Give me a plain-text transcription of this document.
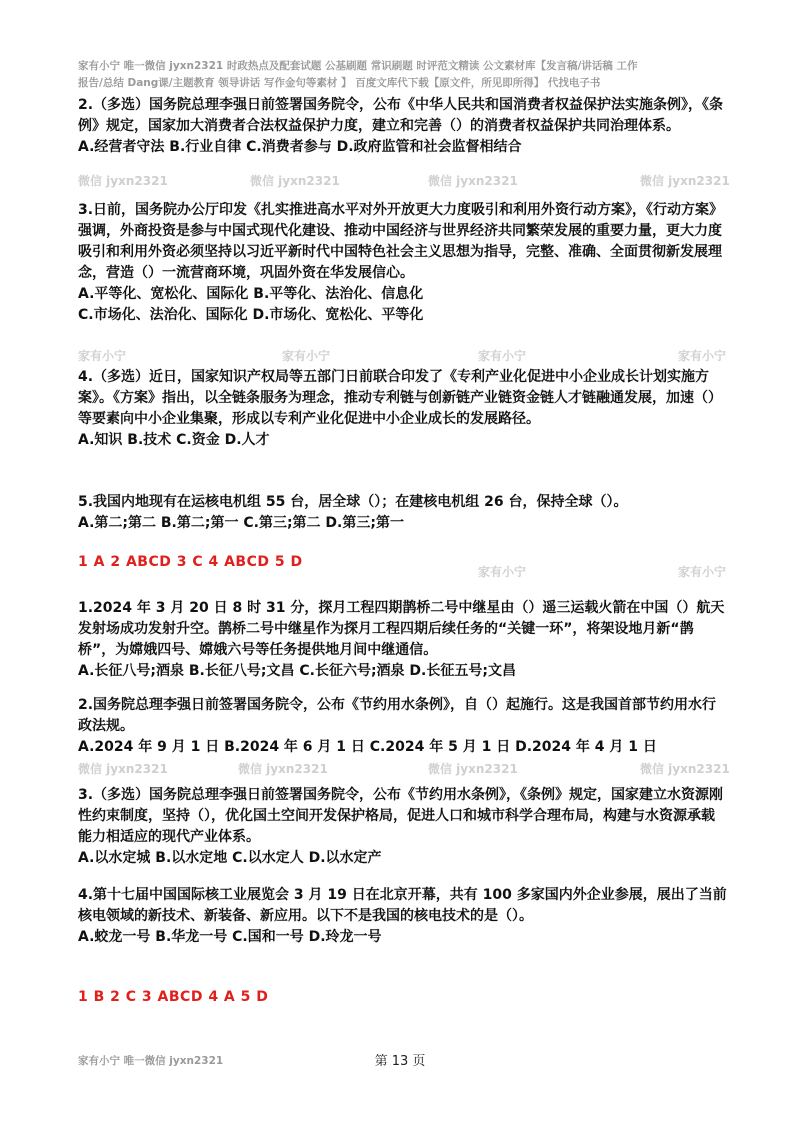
家有小宁 唯一微信 jyxn2321 时政热点及配套试题 公基刷题 常识刷题 时评范文精读 公文素材库【发言稿/讲话稿 工作
报告/总结 Dang课/主题教育 领导讲话 写作金句等素材 】 百度文库代下载【原文件，所见即所得】 代找电子书
微信 jyxn2321	微信 jyxn2321	微信 jyxn2321	微信 jyxn2321
家有小宁	家有小宁	家有小宁	家有小宁
家有小宁	家有小宁
微信 jyxn2321	微信 jyxn2321	微信 jyxn2321	微信 jyxn2321

2.（多选）国务院总理李强日前签署国务院令，公布《中华人民共和国消费者权益保护法实施条例》，《条例》规定，国家加大消费者合法权益保护力度，建立和完善（）的消费者权益保护共同治理体系。

A.经营者守法 B.行业自律 C.消费者参与 D.政府监管和社会监督相结合

3.日前，国务院办公厅印发《扎实推进高水平对外开放更大力度吸引和利用外资行动方案》，《行动方案》强调，外商投资是参与中国式现代化建设、推动中国经济与世界经济共同繁荣发展的重要力量，更大力度吸引和利用外资必须坚持以习近平新时代中国特色社会主义思想为指导，完整、准确、全面贯彻新发展理念，营造（）一流营商环境，巩固外资在华发展信心。

A.平等化、宽松化、国际化 B.平等化、法治化、信息化

C.市场化、法治化、国际化 D.市场化、宽松化、平等化

4.（多选）近日，国家知识产权局等五部门日前联合印发了《专利产业化促进中小企业成长计划实施方案》。《方案》指出，以全链条服务为理念，推动专利链与创新链产业链资金链人才链融通发展，加速（）等要素向中小企业集聚，形成以专利产业化促进中小企业成长的发展路径。

A.知识 B.技术 C.资金 D.人才

5.我国内地现有在运核电机组 55 台，居全球（）；在建核电机组 26 台，保持全球（）。

A.第二;第二 B.第二;第一 C.第三;第二 D.第三;第一

1 A 2 ABCD 3 C 4 ABCD 5 D

1.2024 年 3 月 20 日 8 时 31 分，探月工程四期鹊桥二号中继星由（）遥三运载火箭在中国（）航天发射场成功发射升空。鹊桥二号中继星作为探月工程四期后续任务的“关键一环”，将架设地月新“鹊桥”，为嫦娥四号、嫦娥六号等任务提供地月间中继通信。

A.长征八号;酒泉 B.长征八号;文昌 C.长征六号;酒泉 D.长征五号;文昌

2.国务院总理李强日前签署国务院令，公布《节约用水条例》，自（）起施行。这是我国首部节约用水行政法规。

A.2024 年 9 月 1 日 B.2024 年 6 月 1 日 C.2024 年 5 月 1 日 D.2024 年 4 月 1 日

3.（多选）国务院总理李强日前签署国务院令，公布《节约用水条例》，《条例》规定，国家建立水资源刚性约束制度，坚持（），优化国土空间开发保护格局，促进人口和城市科学合理布局，构建与水资源承载能力相适应的现代产业体系。

A.以水定城 B.以水定地 C.以水定人 D.以水定产

4.第十七届中国国际核工业展览会 3 月 19 日在北京开幕，共有 100 多家国内外企业参展，展出了当前核电领域的新技术、新装备、新应用。以下不是我国的核电技术的是（）。

A.蛟龙一号 B.华龙一号 C.国和一号 D.玲龙一号

1 B 2 C 3 ABCD 4 A 5 D
家有小宁 唯一微信 jyxn2321	第 13 页
